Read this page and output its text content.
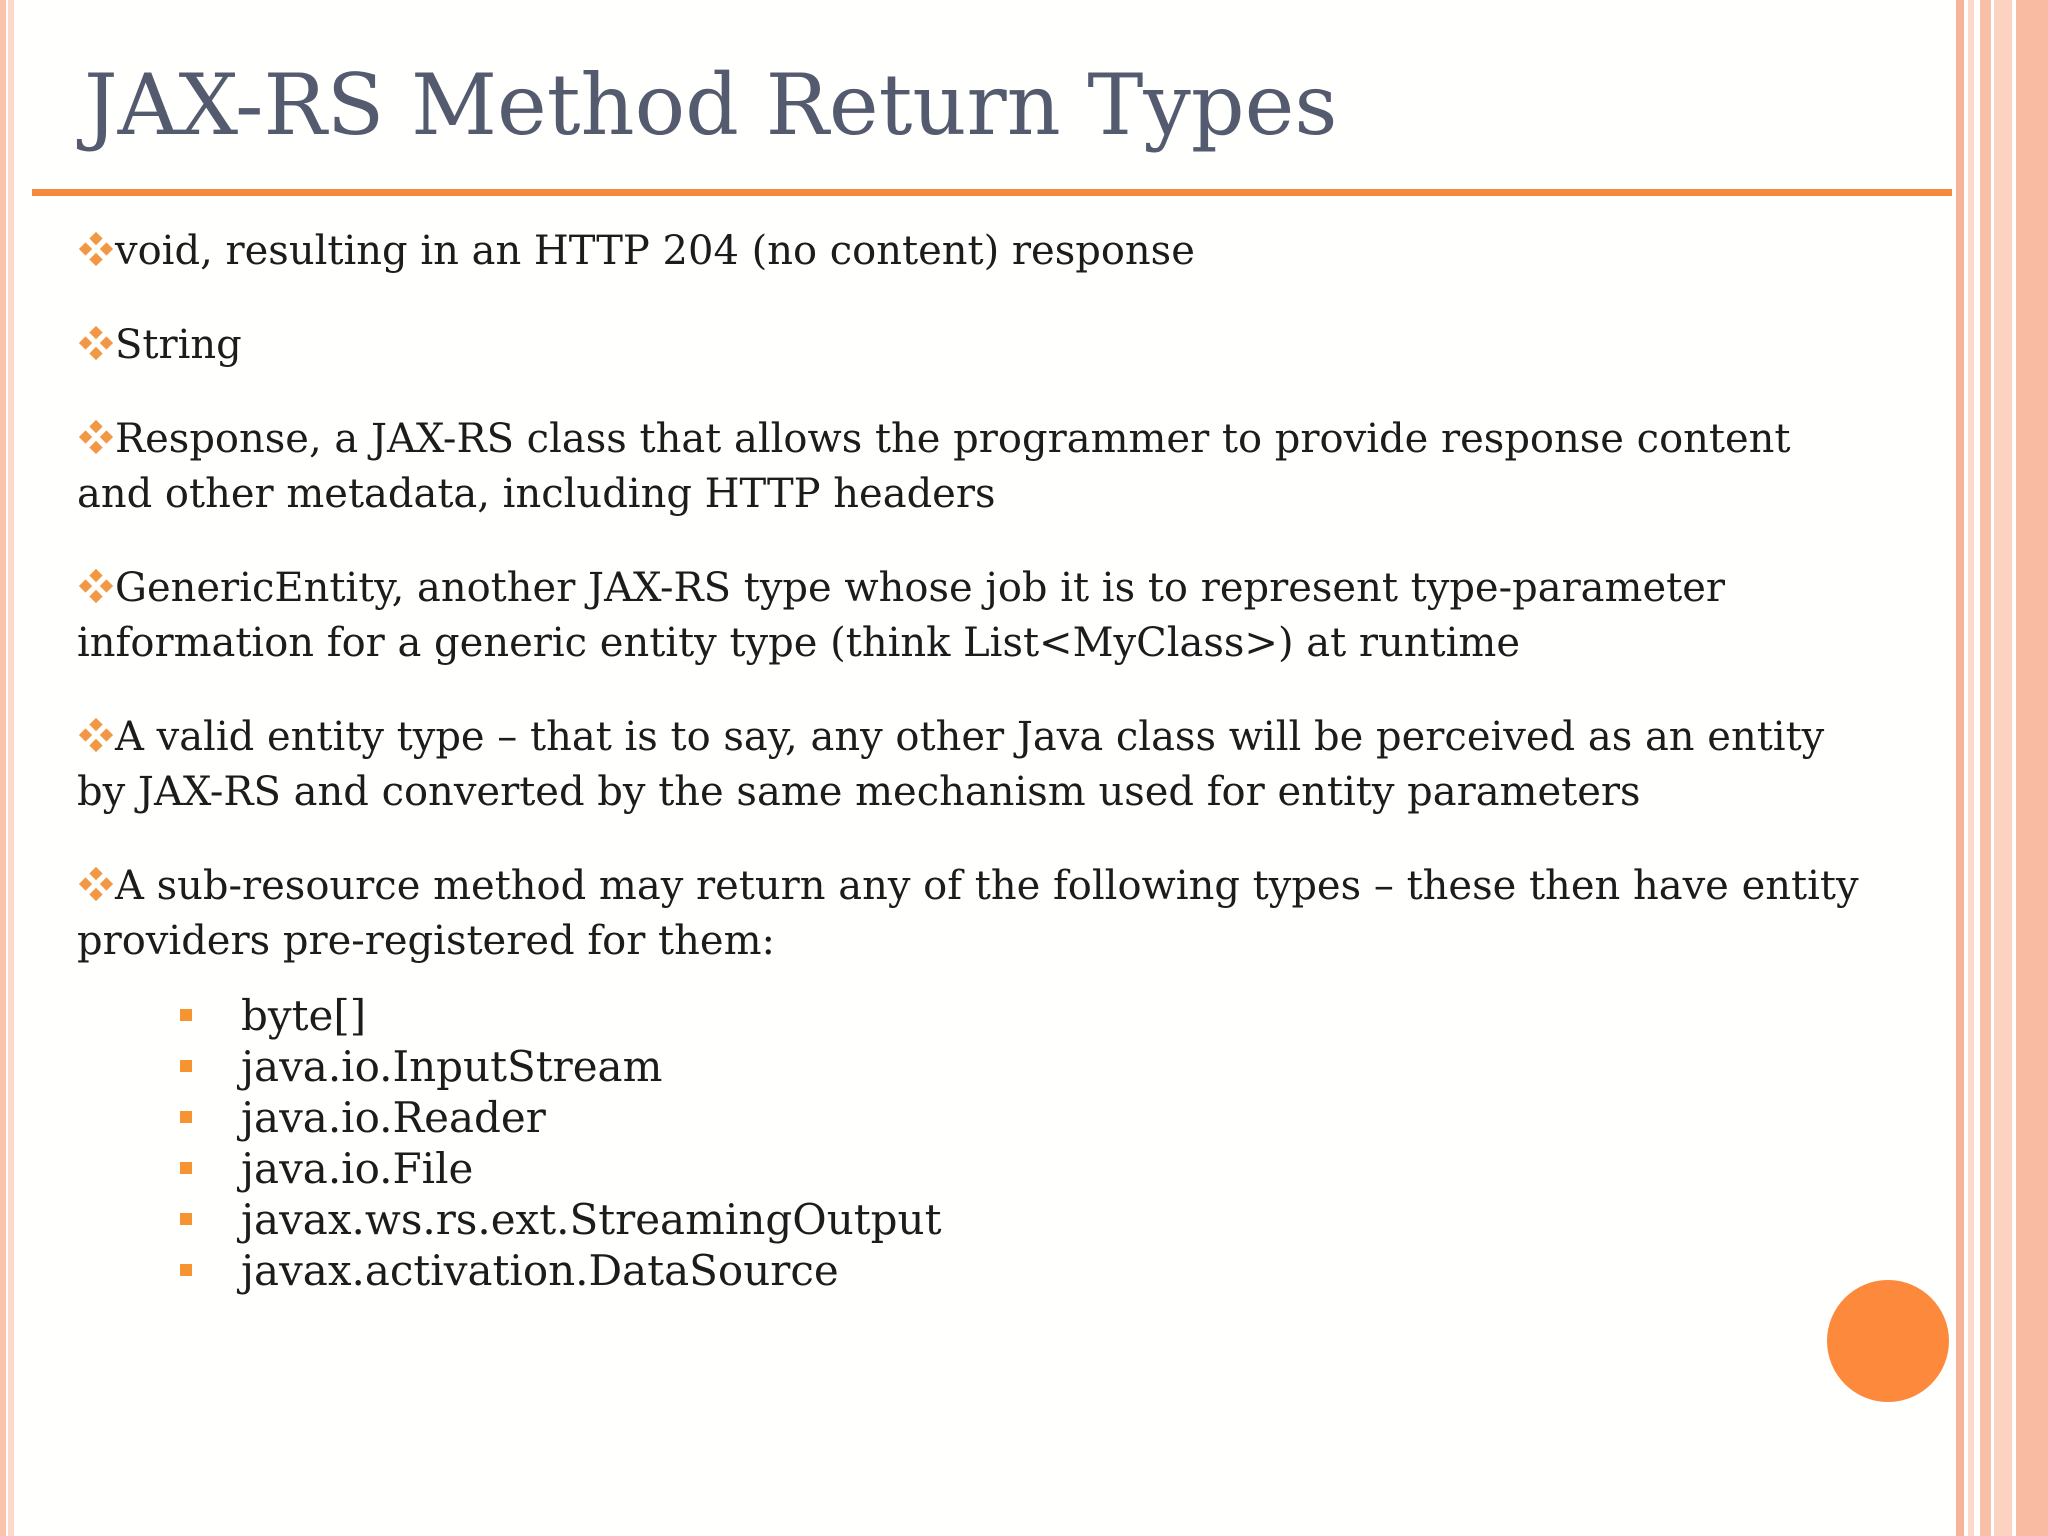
JAX-RS Method Return Types

void, resulting in an HTTP 204 (no content) response

String

Response, a JAX-RS class that allows the programmer to provide response content and other metadata, including HTTP headers

GenericEntity, another JAX-RS type whose job it is to represent type-parameter information for a generic entity type (think List<MyClass>) at runtime

A valid entity type – that is to say, any other Java class will be perceived as an entity by JAX-RS and converted by the same mechanism used for entity parameters

A sub-resource method may return any of the following types – these then have entity providers pre-registered for them:

byte[]
java.io.InputStream
java.io.Reader
java.io.File
javax.ws.rs.ext.StreamingOutput
javax.activation.DataSource
